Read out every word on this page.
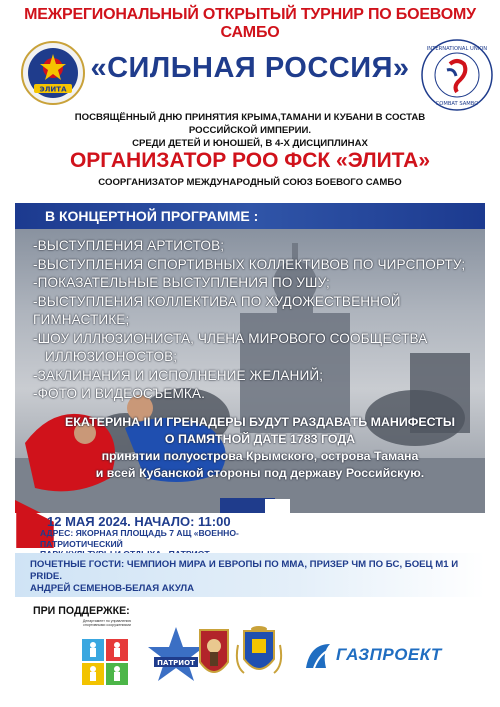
МЕЖРЕГИОНАЛЬНЫЙ ОТКРЫТЫЙ ТУРНИР ПО БОЕВОМУ САМБО
ЭЛИТА
INTERNATIONAL UNION
COMBAT SAMBO
«СИЛЬНАЯ РОССИЯ»
ПОСВЯЩЁННЫЙ ДНЮ ПРИНЯТИЯ КРЫМА,ТАМАНИ И КУБАНИ В СОСТАВ РОССИЙСКОЙ ИМПЕРИИ.
СРЕДИ ДЕТЕЙ И ЮНОШЕЙ, В 4-Х ДИСЦИПЛИНАХ
ОРГАНИЗАТОР РОО ФСК «ЭЛИТА»
СООРГАНИЗАТОР МЕЖДУНАРОДНЫЙ СОЮЗ БОЕВОГО САМБО
В КОНЦЕРТНОЙ ПРОГРАММЕ :
-ВЫСТУПЛЕНИЯ АРТИСТОВ;
-ВЫСТУПЛЕНИЯ СПОРТИВНЫХ КОЛЛЕКТИВОВ ПО ЧИРСПОРТУ;
-ПОКАЗАТЕЛЬНЫЕ ВЫСТУПЛЕНИЯ ПО УШУ;
-ВЫСТУПЛЕНИЯ КОЛЛЕКТИВА ПО ХУДОЖЕСТВЕННОЙ ГИМНАСТИКЕ;
-ШОУ ИЛЛЮЗИОНИСТА, ЧЛЕНА МИРОВОГО СООБЩЕСТВА
ИЛЛЮЗИОНОСТОВ;
-ЗАКЛИНАНИЯ И ИСПОЛНЕНИЕ ЖЕЛАНИЙ;
-ФОТО И ВИДЕОСЪЕМКА.
ЕКАТЕРИНА II И ГРЕНАДЕРЫ БУДУТ РАЗДАВАТЬ МАНИФЕСТЫ
О ПАМЯТНОЙ ДАТЕ 1783 ГОДА
принятии полуострова Крымского, острова Тамана
и всей Кубанской стороны под державу Российскую.
12 МАЯ 2024. НАЧАЛО: 11:00
АДРЕС: ЯКОРНАЯ ПЛОЩАДЬ 7 АЩ «ВОЕННО-ПАТРИОТИЧЕСКИЙ
ПОЧЕТНЫЕ ГОСТИ: ЧЕМПИОН МИРА И ЕВРОПЫ ПО ММА, ПРИЗЕР ЧМ ПО БС, БОЕЦ М1 И PRIDE.
АНДРЕЙ СЕМЕНОВ-БЕЛАЯ АКУЛА
ПРИ ПОДДЕРЖКЕ:
Департамент по управлению спортивными сооружениями
ПАТРИОТ	ГАЗПРОЕКТ
